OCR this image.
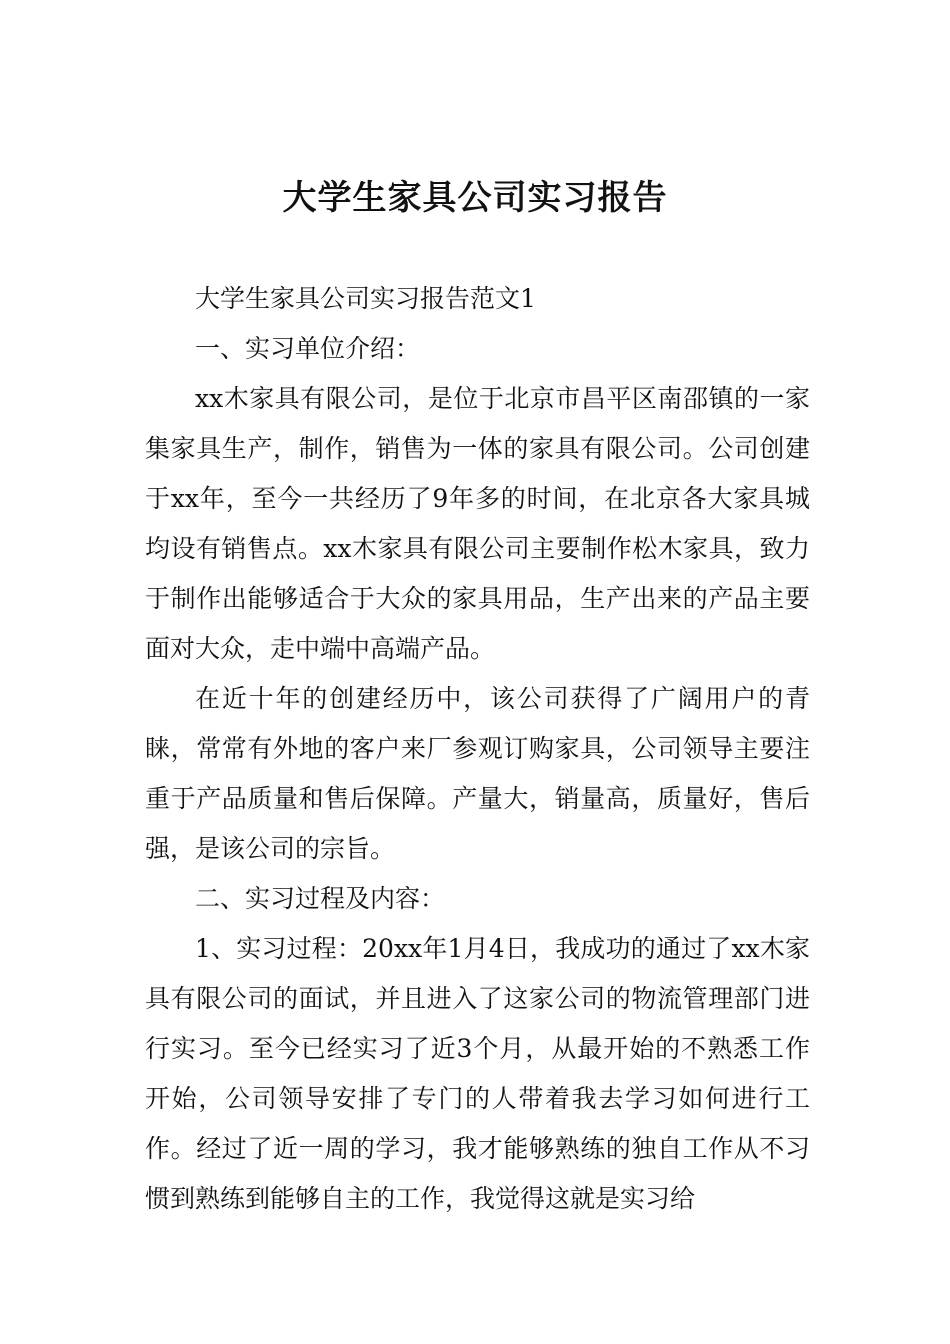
大学生家具公司实习报告

大学生家具公司实习报告范文1

一、实习单位介绍：

xx木家具有限公司，是位于北京市昌平区南邵镇的一家集家具生产，制作，销售为一体的家具有限公司。公司创建于xx年，至今一共经历了9年多的时间，在北京各大家具城均设有销售点。xx木家具有限公司主要制作松木家具，致力于制作出能够适合于大众的家具用品，生产出来的产品主要面对大众，走中端中高端产品。

在近十年的创建经历中，该公司获得了广阔用户的青睐，常常有外地的客户来厂参观订购家具，公司领导主要注重于产品质量和售后保障。产量大，销量高，质量好，售后强，是该公司的宗旨。

二、实习过程及内容：

1、实习过程：20xx年1月4日，我成功的通过了xx木家具有限公司的面试，并且进入了这家公司的物流管理部门进行实习。至今已经实习了近3个月，从最开始的不熟悉工作开始，公司领导安排了专门的人带着我去学习如何进行工作。经过了近一周的学习，我才能够熟练的独自工作从不习惯到熟练到能够自主的工作，我觉得这就是实习给
